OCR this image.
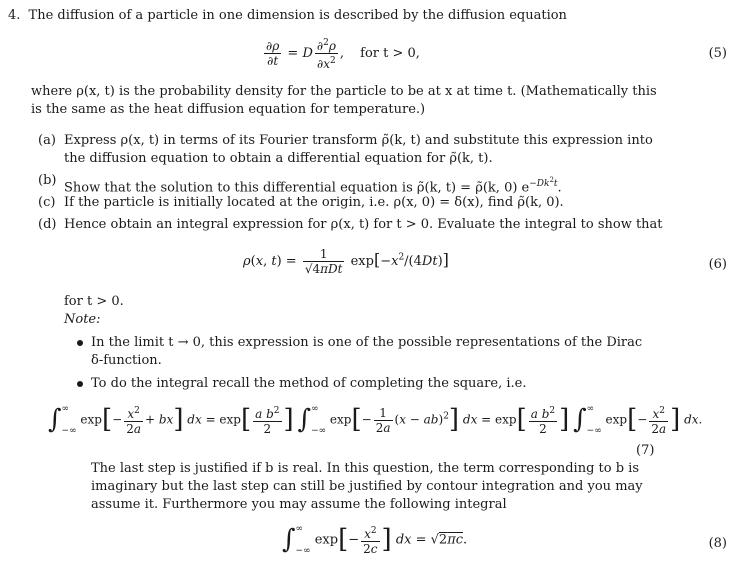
4. The diffusion of a particle in one dimension is described by the diffusion equation
$\frac{\partial\rho}{\partial t} = D \frac{\partial^2\rho}{\partial x^2}$ , for t > 0,	(5)
where ρ(x, t) is the probability density for the particle to be at x at time t. (Mathematically this
is the same as the heat diffusion equation for temperature.)
(a) Express ρ(x, t) in terms of its Fourier transform ρ̃(k, t) and substitute this expression into
the diffusion equation to obtain a differential equation for ρ̃(k, t).
(b) Show that the solution to this differential equation is ρ̃(k, t) = ρ̃(k, 0) $e^{-Dk^2t}$.
(c) If the particle is initially located at the origin, i.e. ρ(x, 0) = δ(x), find ρ̃(k, 0).
(d) Hence obtain an integral expression for ρ(x, t) for t > 0. Evaluate the integral to show that
ρ(x, $t) = \frac{1}{\text{√4πDt}} \exp[-x^2/(4Dt)]$	(6)
for t > 0.
Note:
In the limit t → 0, this expression is one of the possible representations of the Dirac
δ-function.
To do the integral recall the method of completing the square, i.e.
∫∞
−∞ $\exp[- \frac{x^2}{2a} + bx]$ dx = $\exp[ \frac{a b^2}{2}$ ] ∫∞
−∞ $\exp[- \frac{1}{2a} (x - ab)^2]$ dx = $\exp[ \frac{a b^2}{2}$ ] ∫∞
−∞ $\exp[- \frac{x^2}{2a}$ ] dx.
(7)
The last step is justified if b is real. In this question, the term corresponding to b is
imaginary but the last step can still be justified by contour integration and you may
assume it. Furthermore you may assume the following integral
∫∞
−∞ $\exp[- \frac{x^2}{2c}$ ] dx = √2πc.	(8)
